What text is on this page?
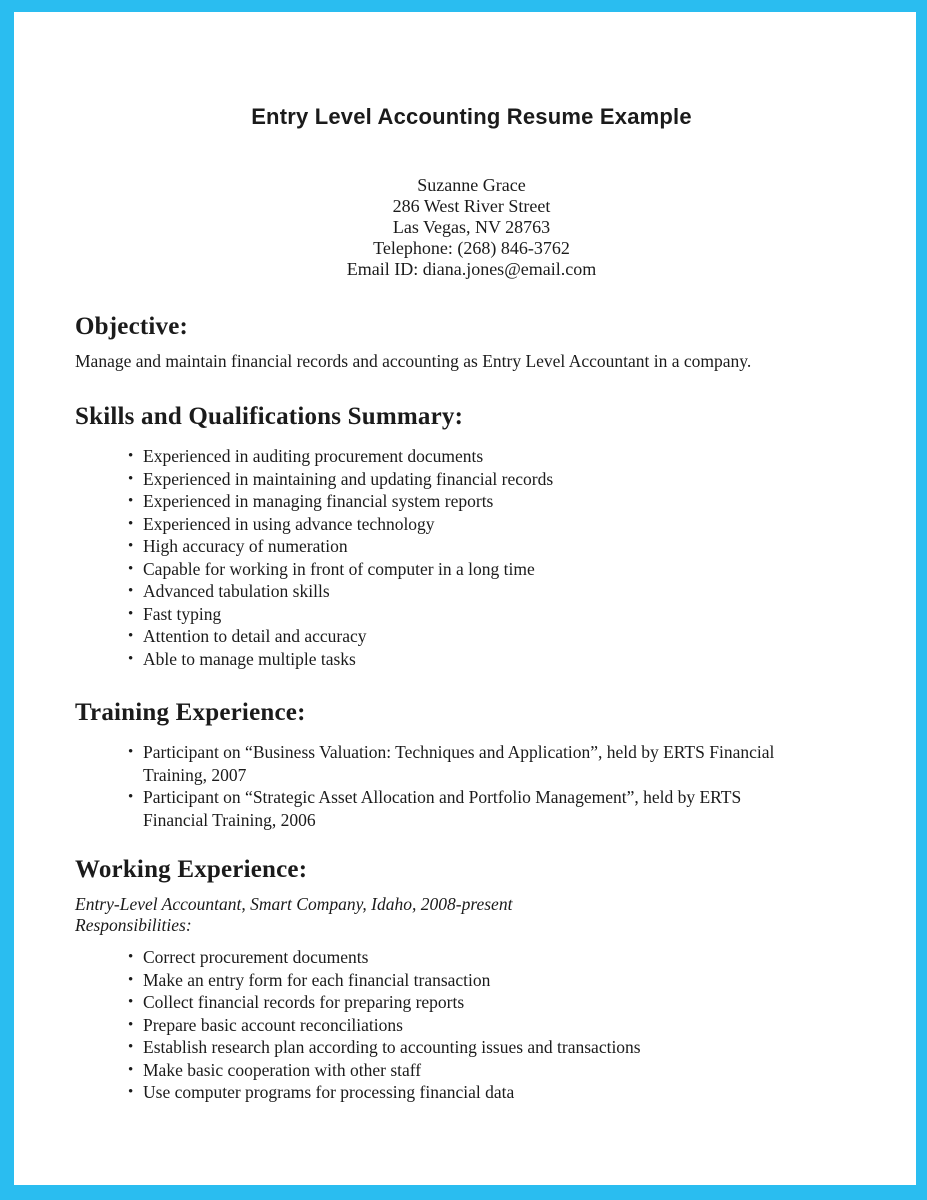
Entry Level Accounting Resume Example
Suzanne Grace
286 West River Street
Las Vegas, NV 28763
Telephone: (268) 846-3762
Email ID: diana.jones@email.com
Objective:

Manage and maintain financial records and accounting as Entry Level Accountant in a company.

Skills and Qualifications Summary:
• Experienced in auditing procurement documents
• Experienced in maintaining and updating financial records
• Experienced in managing financial system reports
• Experienced in using advance technology
• High accuracy of numeration
• Capable for working in front of computer in a long time
• Advanced tabulation skills
• Fast typing
• Attention to detail and accuracy
• Able to manage multiple tasks
Training Experience:
• Participant on “Business Valuation: Techniques and Application”, held by ERTS Financial Training, 2007
• Participant on “Strategic Asset Allocation and Portfolio Management”, held by ERTS Financial Training, 2006
Working Experience:

Entry-Level Accountant, Smart Company, Idaho, 2008-present

Responsibilities:

• Correct procurement documents
• Make an entry form for each financial transaction
• Collect financial records for preparing reports
• Prepare basic account reconciliations
• Establish research plan according to accounting issues and transactions
• Make basic cooperation with other staff
• Use computer programs for processing financial data
